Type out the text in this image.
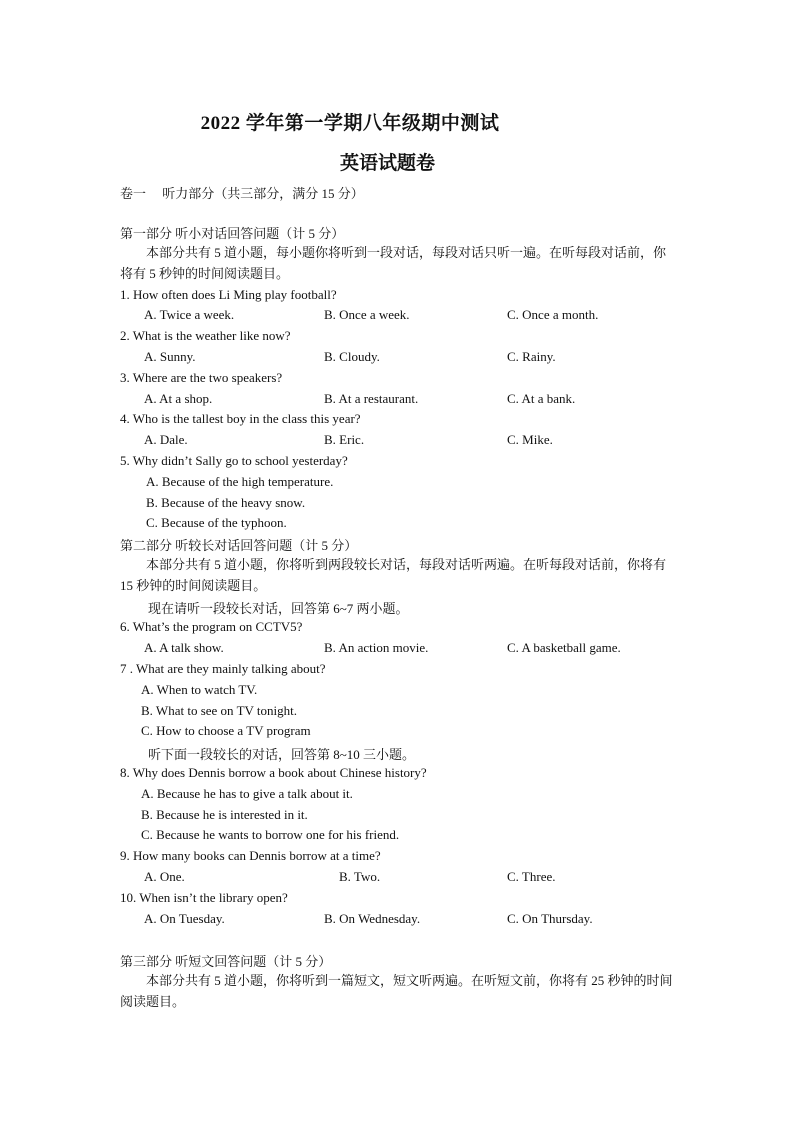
2022 学年第一学期八年级期中测试
英语试题卷
卷一　 听力部分（共三部分，满分 15 分）
第一部分 听小对话回答问题（计 5 分）
　　本部分共有 5 道小题，每小题你将听到一段对话，每段对话只听一遍。在听每段对话前，你将有 5 秒钟的时间阅读题目。
1. How often does Li Ming play football?
A. Twice a week.	B. Once a week.	C. Once a month.
2. What is the weather like now?
A. Sunny.	B. Cloudy.	C. Rainy.
3. Where are the two speakers?
A. At a shop.	B. At a restaurant.	C. At a bank.
4. Who is the tallest boy in the class this year?
A. Dale.	B. Eric.	C. Mike.
5. Why didn’t Sally go to school yesterday?
A. Because of the high temperature.
B. Because of the heavy snow.
C. Because of the typhoon.
第二部分 听较长对话回答问题（计 5 分）
　　本部分共有 5 道小题，你将听到两段较长对话，每段对话听两遍。在听每段对话前，你将有 15 秒钟的时间阅读题目。
现在请听一段较长对话，回答第 6~7 两小题。
6. What’s the program on CCTV5?
A. A talk show.	B. An action movie.	C. A basketball game.
7 . What are they mainly talking about?
A. When to watch TV.
B. What to see on TV tonight.
C. How to choose a TV program
听下面一段较长的对话，回答第 8~10 三小题。
8. Why does Dennis borrow a book about Chinese history?
A. Because he has to give a talk about it.
B. Because he is interested in it.
C. Because he wants to borrow one for his friend.
9. How many books can Dennis borrow at a time?
A. One.	B. Two.	C. Three.
10. When isn’t the library open?
A. On Tuesday.	B. On Wednesday.	C. On Thursday.
第三部分 听短文回答问题（计 5 分）
　　本部分共有 5 道小题，你将听到一篇短文，短文听两遍。在听短文前，你将有 25 秒钟的时间阅读题目。
